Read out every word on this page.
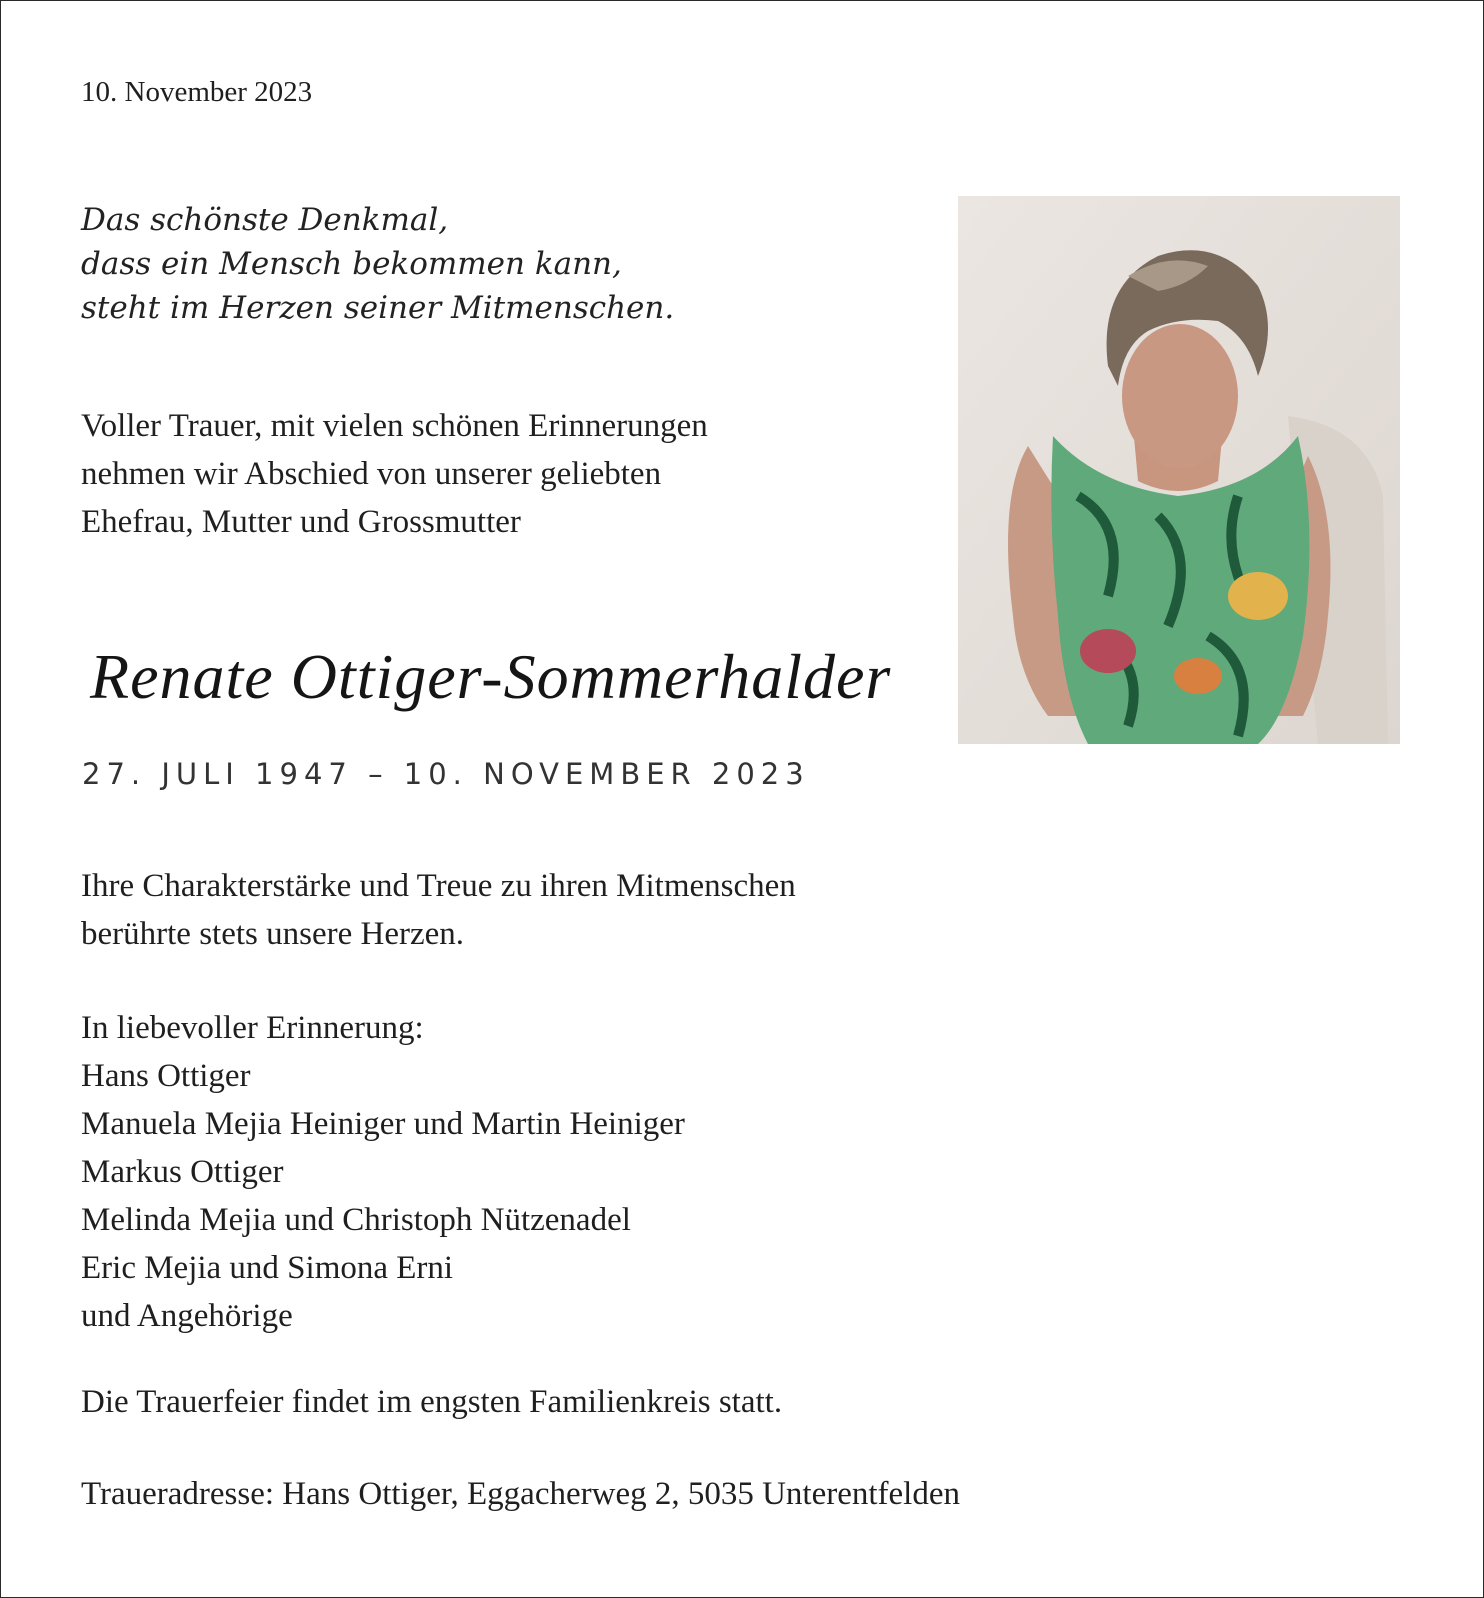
10. November 2023
Das schönste Denkmal,
dass ein Mensch bekommen kann,
steht im Herzen seiner Mitmenschen.
Voller Trauer, mit vielen schönen Erinnerungen
nehmen wir Abschied von unserer geliebten
Ehefrau, Mutter und Grossmutter
Renate Ottiger-Sommerhalder
27. JULI 1947 – 10. NOVEMBER 2023
Ihre Charakterstärke und Treue zu ihren Mitmenschen
berührte stets unsere Herzen.
In liebevoller Erinnerung:
Hans Ottiger
Manuela Mejia Heiniger und Martin Heiniger
Markus Ottiger
Melinda Mejia und Christoph Nützenadel
Eric Mejia und Simona Erni
und Angehörige
Die Trauerfeier findet im engsten Familienkreis statt.
Traueradresse: Hans Ottiger, Eggacherweg 2, 5035 Unterentfelden
